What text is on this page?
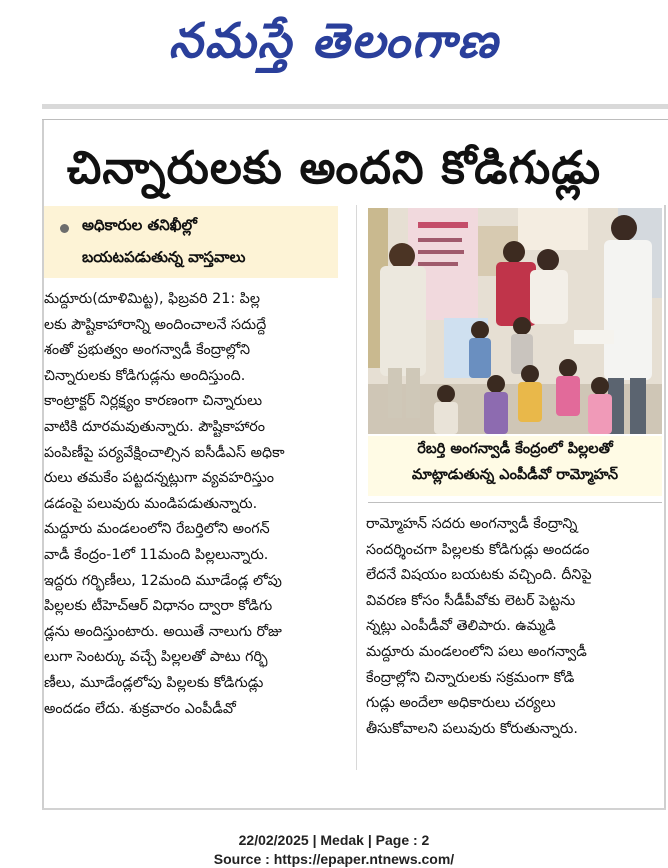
నమస్తే తెలంగాణ
చిన్నారులకు అందని కోడిగుడ్లు
అధికారుల తనిఖీల్లో
బయటపడుతున్న వాస్తవాలు

మద్దూరు(దూళిమిట్ట), ఫిబ్రవరి 21: పిల్ల

లకు పౌష్టికాహారాన్ని అందించాలనే సదుద్దే

శంతో ప్రభుత్వం అంగన్వాడీ కేంద్రాల్లోని

చిన్నారులకు కోడిగుడ్లను అందిస్తుంది.

కాంట్రాక్టర్ నిర్లక్ష్యం కారణంగా చిన్నారులు

వాటికి దూరమవుతున్నారు. పౌష్టికాహారం

పంపిణీపై పర్యవేక్షించాల్సిన ఐసీడీఎస్ అధికా

రులు తమకేం పట్టదన్నట్లుగా వ్యవహరిస్తుం

డడంపై పలువురు మండిపడుతున్నారు.

మద్దూరు మండలంలోని రేబర్తిలోని అంగన్

వాడీ కేంద్రం-1లో 11మంది పిల్లలున్నారు.

ఇద్దరు గర్భిణీలు, 12మంది మూడేండ్ల లోపు

పిల్లలకు టీహెచ్ఆర్ విధానం ద్వారా కోడిగు

డ్లను అందిస్తుంటారు. అయితే నాలుగు రోజు

లుగా సెంటర్కు వచ్చే పిల్లలతో పాటు గర్భి

ణీలు, మూడేండ్లలోపు పిల్లలకు కోడిగుడ్లు

అందడం లేదు. శుక్రవారం ఎంపీడీవో

రేబర్తి అంగన్వాడీ కేంద్రంలో పిల్లలతో
మాట్లాడుతున్న ఎంపీడీవో రామ్మోహన్

రామ్మోహన్ సదరు అంగన్వాడీ కేంద్రాన్ని

సందర్శించగా పిల్లలకు కోడిగుడ్లు అందడం

లేదనే విషయం బయటకు వచ్చింది. దీనిపై

వివరణ కోసం సీడీపీవోకు లెటర్ పెట్టను

న్నట్లు ఎంపీడీవో తెలిపారు. ఉమ్మడి

మద్దూరు మండలంలోని పలు అంగన్వాడీ

కేంద్రాల్లోని చిన్నారులకు సక్రమంగా కోడి

గుడ్లు అందేలా అధికారులు చర్యలు

తీసుకోవాలని పలువురు కోరుతున్నారు.

22/02/2025 | Medak | Page : 2
Source : https://epaper.ntnews.com/
